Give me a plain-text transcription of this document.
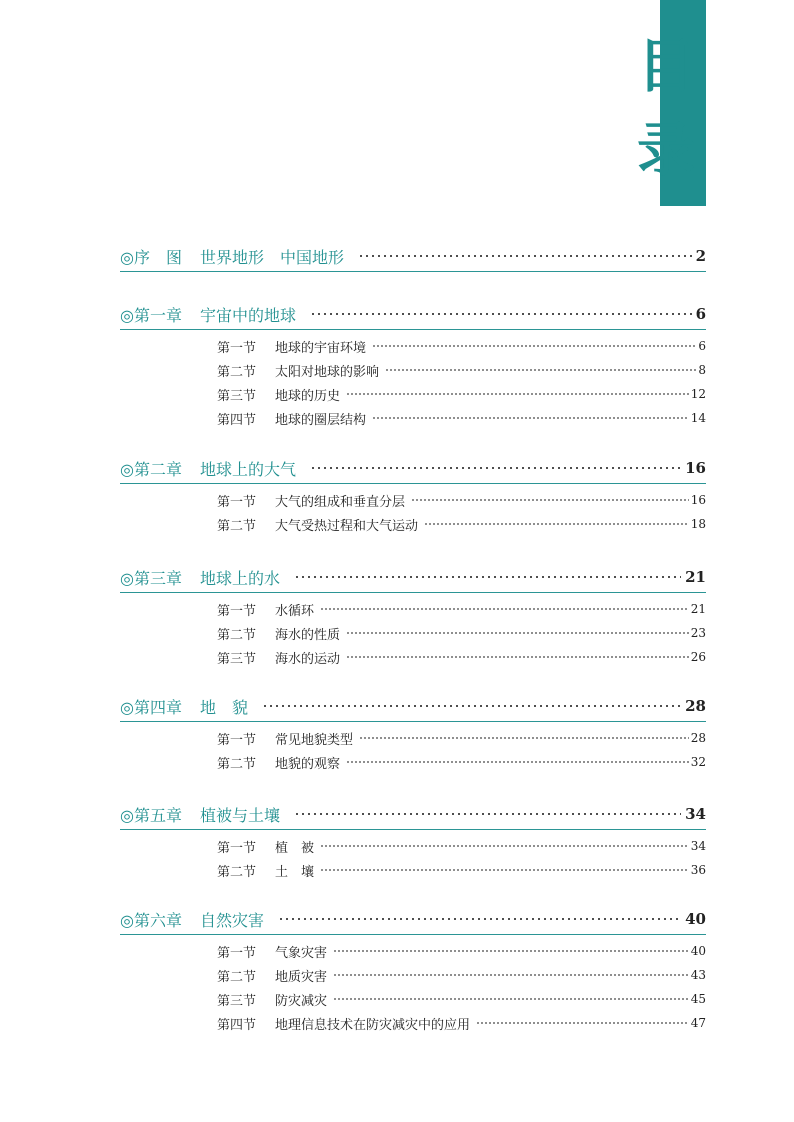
目
录
◎序　图 世界地形　中国地形	2
◎第一章 宇宙中的地球	6
第一节	地球的宇宙环境	6
第二节	太阳对地球的影响	8
第三节	地球的历史	12
第四节	地球的圈层结构	14
◎第二章 地球上的大气	16
第一节	大气的组成和垂直分层	16
第二节	大气受热过程和大气运动	18
◎第三章 地球上的水	21
第一节	水循环	21
第二节	海水的性质	23
第三节	海水的运动	26
◎第四章 地　貌	28
第一节	常见地貌类型	28
第二节	地貌的观察	32
◎第五章 植被与土壤	34
第一节	植　被	34
第二节	土　壤	36
◎第六章 自然灾害	40
第一节	气象灾害	40
第二节	地质灾害	43
第三节	防灾减灾	45
第四节	地理信息技术在防灾减灾中的应用	47
